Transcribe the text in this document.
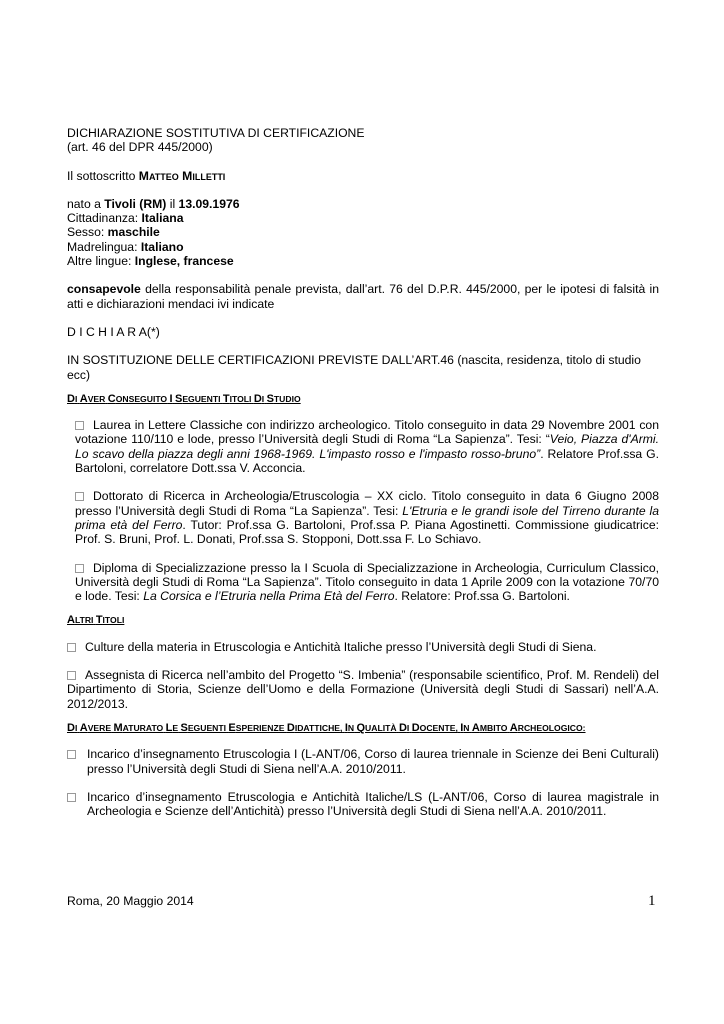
DICHIARAZIONE SOSTITUTIVA DI CERTIFICAZIONE

(art. 46 del DPR 445/2000)

Il sottoscritto Matteo Milletti

nato a Tivoli (RM) il 13.09.1976

Cittadinanza: Italiana

Sesso: maschile

Madrelingua: Italiano

Altre lingue: Inglese, francese

consapevole della responsabilità penale prevista, dall’art. 76 del D.P.R. 445/2000, per le ipotesi di falsità in atti e dichiarazioni mendaci ivi indicate

D I C H I A R A(*)

IN SOSTITUZIONE DELLE CERTIFICAZIONI PREVISTE DALL’ART.46 (nascita, residenza, titolo di studio ecc)

DI AVER CONSEGUITO I SEGUENTI TITOLI DI STUDIO

Laurea in Lettere Classiche con indirizzo archeologico. Titolo conseguito in data 29 Novembre 2001 con votazione 110/110 e lode, presso l’Università degli Studi di Roma “La Sapienza”. Tesi: “Veio, Piazza d'Armi. Lo scavo della piazza degli anni 1968-1969. L'impasto rosso e l'impasto rosso-bruno”. Relatore Prof.ssa G. Bartoloni, correlatore Dott.ssa V. Acconcia.

Dottorato di Ricerca in Archeologia/Etruscologia – XX ciclo. Titolo conseguito in data 6 Giugno 2008 presso l’Università degli Studi di Roma “La Sapienza”. Tesi: L'Etruria e le grandi isole del Tirreno durante la prima età del Ferro. Tutor: Prof.ssa G. Bartoloni, Prof.ssa P. Piana Agostinetti. Commissione giudicatrice: Prof. S. Bruni, Prof. L. Donati, Prof.ssa S. Stopponi, Dott.ssa F. Lo Schiavo.

Diploma di Specializzazione presso la I Scuola di Specializzazione in Archeologia, Curriculum Classico, Università degli Studi di Roma “La Sapienza”. Titolo conseguito in data 1 Aprile 2009 con la votazione 70/70 e lode. Tesi: La Corsica e l’Etruria nella Prima Età del Ferro. Relatore: Prof.ssa G. Bartoloni.

ALTRI TITOLI

Culture della materia in Etruscologia e Antichità Italiche presso l’Università degli Studi di Siena.

Assegnista di Ricerca nell’ambito del Progetto “S. Imbenia” (responsabile scientifico, Prof. M. Rendeli) del Dipartimento di Storia, Scienze dell’Uomo e della Formazione (Università degli Studi di Sassari) nell’A.A. 2012/2013.

DI AVERE MATURATO LE SEGUENTI ESPERIENZE DIDATTICHE, IN QUALITÀ DI DOCENTE, IN AMBITO ARCHEOLOGICO:

Incarico d’insegnamento Etruscologia I (L-ANT/06, Corso di laurea triennale in Scienze dei Beni Culturali) presso l’Università degli Studi di Siena nell’A.A. 2010/2011.

Incarico d’insegnamento Etruscologia e Antichità Italiche/LS (L-ANT/06, Corso di laurea magistrale in Archeologia e Scienze dell’Antichità) presso l’Università degli Studi di Siena nell’A.A. 2010/2011.

Roma, 20 Maggio 2014	1
